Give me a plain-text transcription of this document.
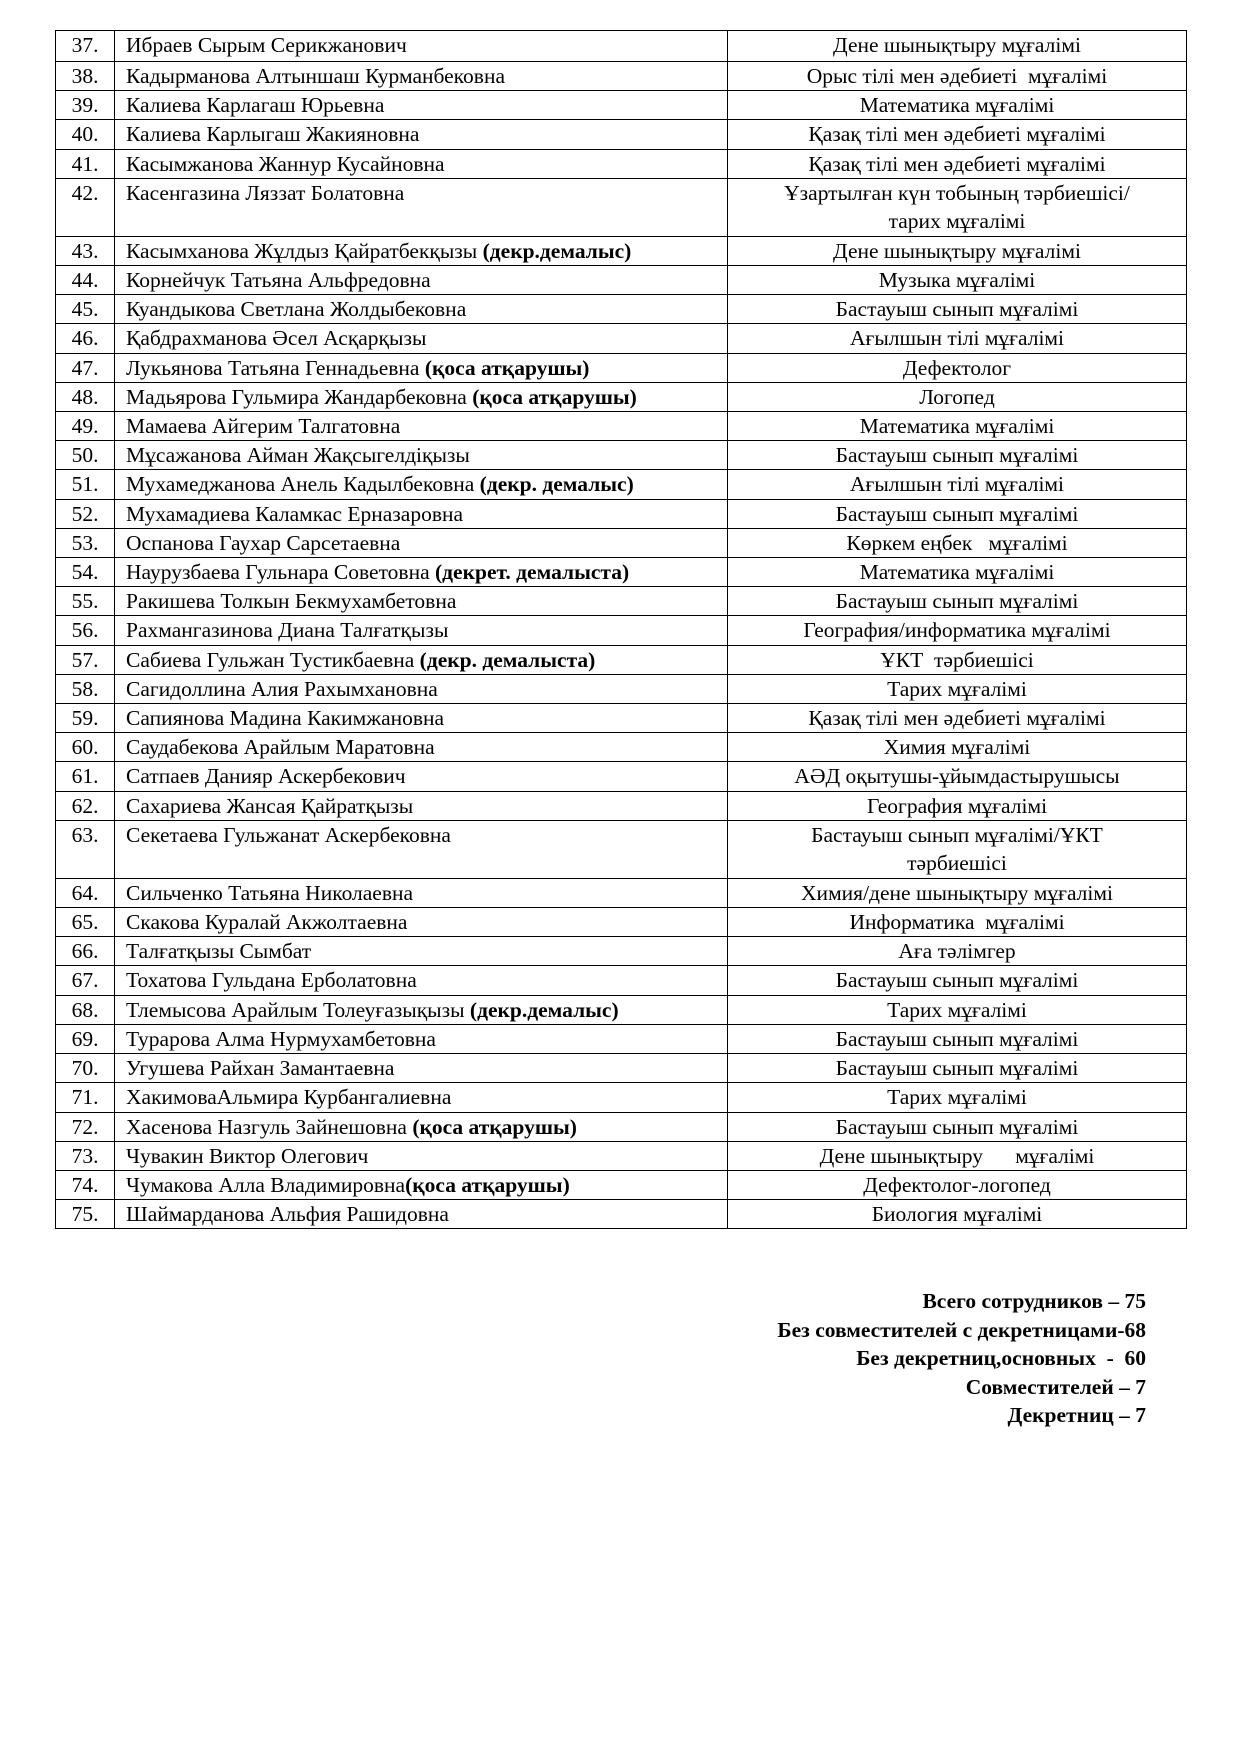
37.	Ибраев Сырым Серикжанович	Дене шынықтыру мұғалімі

38.	Кадырманова Алтыншаш Курманбековна	Орыс тілі мен әдебиеті  мұғалімі

39.	Калиева Карлагаш Юрьевна	Математика мұғалімі

40.	Калиева Карлыгаш Жакияновна	Қазақ тілі мен әдебиеті мұғалімі

41.	Касымжанова Жаннур Кусайновна	Қазақ тілі мен әдебиеті мұғалімі

42.	Касенгазина Ляззат Болатовна	Ұзартылған күн тобының тәрбиешісі/
тарих мұғалімі

43.	Касымханова Жұлдыз Қайратбекқызы (декр.демалыс)	Дене шынықтыру мұғалімі

44.	Корнейчук Татьяна Альфредовна	Музыка мұғалімі

45.	Куандыкова Светлана Жолдыбековна	Бастауыш сынып мұғалімі

46.	Қабдрахманова Әсел Асқарқызы	Ағылшын тілі мұғалімі

47.	Лукьянова Татьяна Геннадьевна (қоса атқарушы)	Дефектолог

48.	Мадьярова Гульмира Жандарбековна (қоса атқарушы)	Логопед

49.	Мамаева Айгерим Талгатовна	Математика мұғалімі

50.	Мұсажанова Айман Жақсыгелдіқызы	Бастауыш сынып мұғалімі

51.	Мухамеджанова Анель Кадылбековна (декр. демалыс)	Ағылшын тілі мұғалімі

52.	Мухамадиева Каламкас Ерназаровна	Бастауыш сынып мұғалімі

53.	Оспанова Гаухар Сарсетаевна	Көркем еңбек   мұғалімі

54.	Наурузбаева Гульнара Советовна (декрет. демалыста)	Математика мұғалімі

55.	Ракишева Толкын Бекмухамбетовна	Бастауыш сынып мұғалімі

56.	Рахмангазинова Диана Талғатқызы	География/информатика мұғалімі

57.	Сабиева Гульжан Тустикбаевна (декр. демалыста)	ҰКТ  тәрбиешісі

58.	Сагидоллина Алия Рахымхановна	Тарих мұғалімі

59.	Сапиянова Мадина Какимжановна	Қазақ тілі мен әдебиеті мұғалімі

60.	Саудабекова Арайлым Маратовна	Химия мұғалімі

61.	Сатпаев Данияр Аскербекович	АӘД оқытушы-ұйымдастырушысы

62.	Сахариева Жансая Қайратқызы	География мұғалімі

63.	Секетаева Гульжанат Аскербековна	Бастауыш сынып мұғалімі/ҰКТ
тәрбиешісі

64.	Сильченко Татьяна Николаевна	Химия/дене шынықтыру мұғалімі

65.	Скакова Куралай Акжолтаевна	Информатика  мұғалімі

66.	Талғатқызы Сымбат	Аға тәлімгер

67.	Тохатова Гульдана Ерболатовна	Бастауыш сынып мұғалімі

68.	Тлемысова Арайлым Толеуғазықызы (декр.демалыс)	Тарих мұғалімі

69.	Турарова Алма Нурмухамбетовна	Бастауыш сынып мұғалімі

70.	Угушева Райхан Замантаевна	Бастауыш сынып мұғалімі

71.	ХакимоваАльмира Курбангалиевна	Тарих мұғалімі

72.	Хасенова Назгуль Зайнешовна (қоса атқарушы)	Бастауыш сынып мұғалімі

73.	Чувакин Виктор Олегович	Дене шынықтыру      мұғалімі

74.	Чумакова Алла Владимировна(қоса атқарушы)	Дефектолог-логопед

75.	Шаймарданова Альфия Рашидовна	Биология мұғалімі
Всего сотрудников – 75
Без совместителей с декретницами-68
Без декретниц,основных  -  60
Совместителей – 7
Декретниц – 7
